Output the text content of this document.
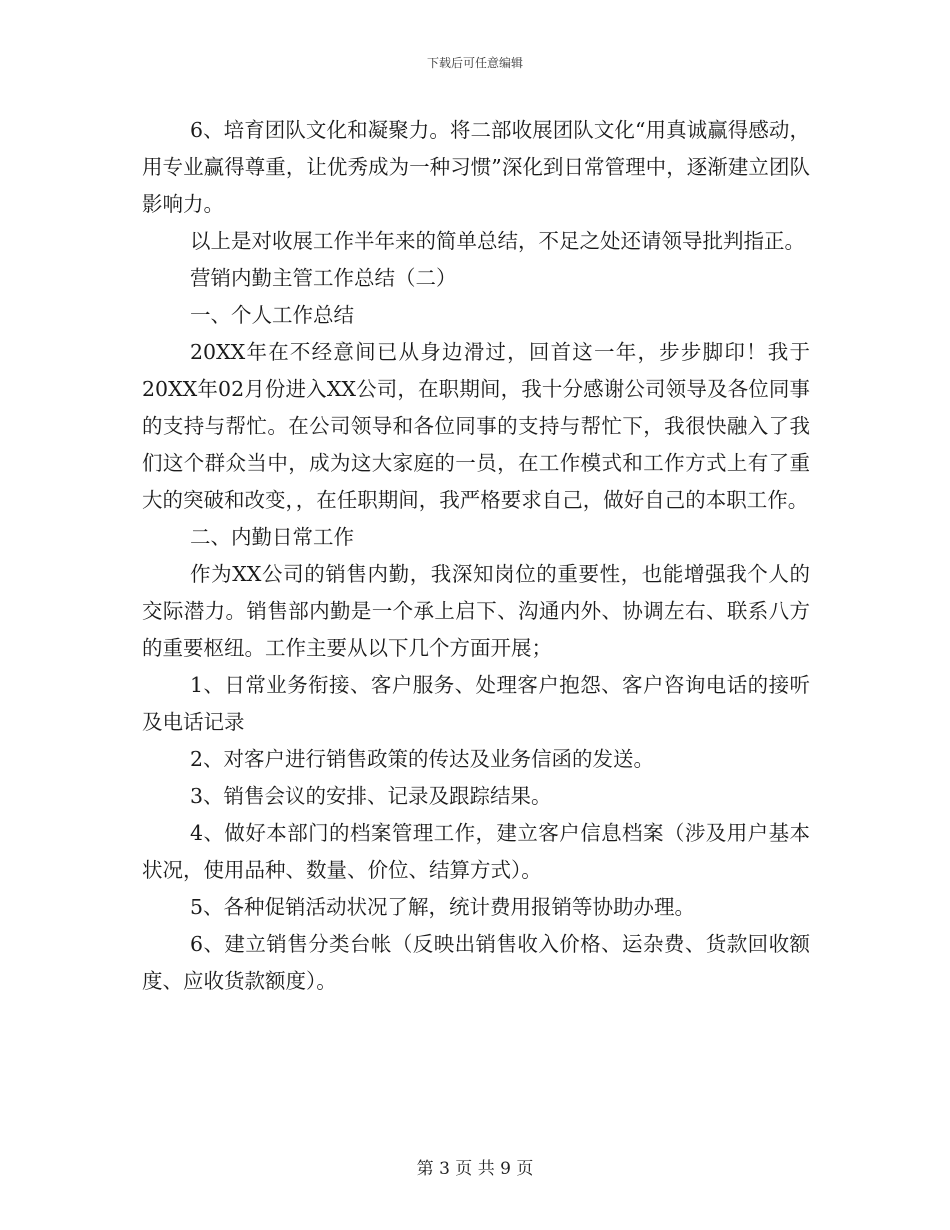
下载后可任意编辑

6、培育团队文化和凝聚力。将二部收展团队文化“用真诚赢得感动，用专业赢得尊重，让优秀成为一种习惯”深化到日常管理中，逐渐建立团队影响力。

以上是对收展工作半年来的简单总结，不足之处还请领导批判指正。

营销内勤主管工作总结（二）

一、个人工作总结

20XX年在不经意间已从身边滑过，回首这一年，步步脚印！我于20XX年02月份进入XX公司，在职期间，我十分感谢公司领导及各位同事的支持与帮忙。在公司领导和各位同事的支持与帮忙下，我很快融入了我们这个群众当中，成为这大家庭的一员，在工作模式和工作方式上有了重大的突破和改变，，在任职期间，我严格要求自己，做好自己的本职工作。

二、内勤日常工作

作为XX公司的销售内勤，我深知岗位的重要性，也能增强我个人的交际潜力。销售部内勤是一个承上启下、沟通内外、协调左右、联系八方的重要枢纽。工作主要从以下几个方面开展；

1、日常业务衔接、客户服务、处理客户抱怨、客户咨询电话的接听及电话记录

2、对客户进行销售政策的传达及业务信函的发送。

3、销售会议的安排、记录及跟踪结果。

4、做好本部门的档案管理工作，建立客户信息档案（涉及用户基本状况，使用品种、数量、价位、结算方式）。

5、各种促销活动状况了解，统计费用报销等协助办理。

6、建立销售分类台帐（反映出销售收入价格、运杂费、货款回收额度、应收货款额度）。

第 3 页 共 9 页
